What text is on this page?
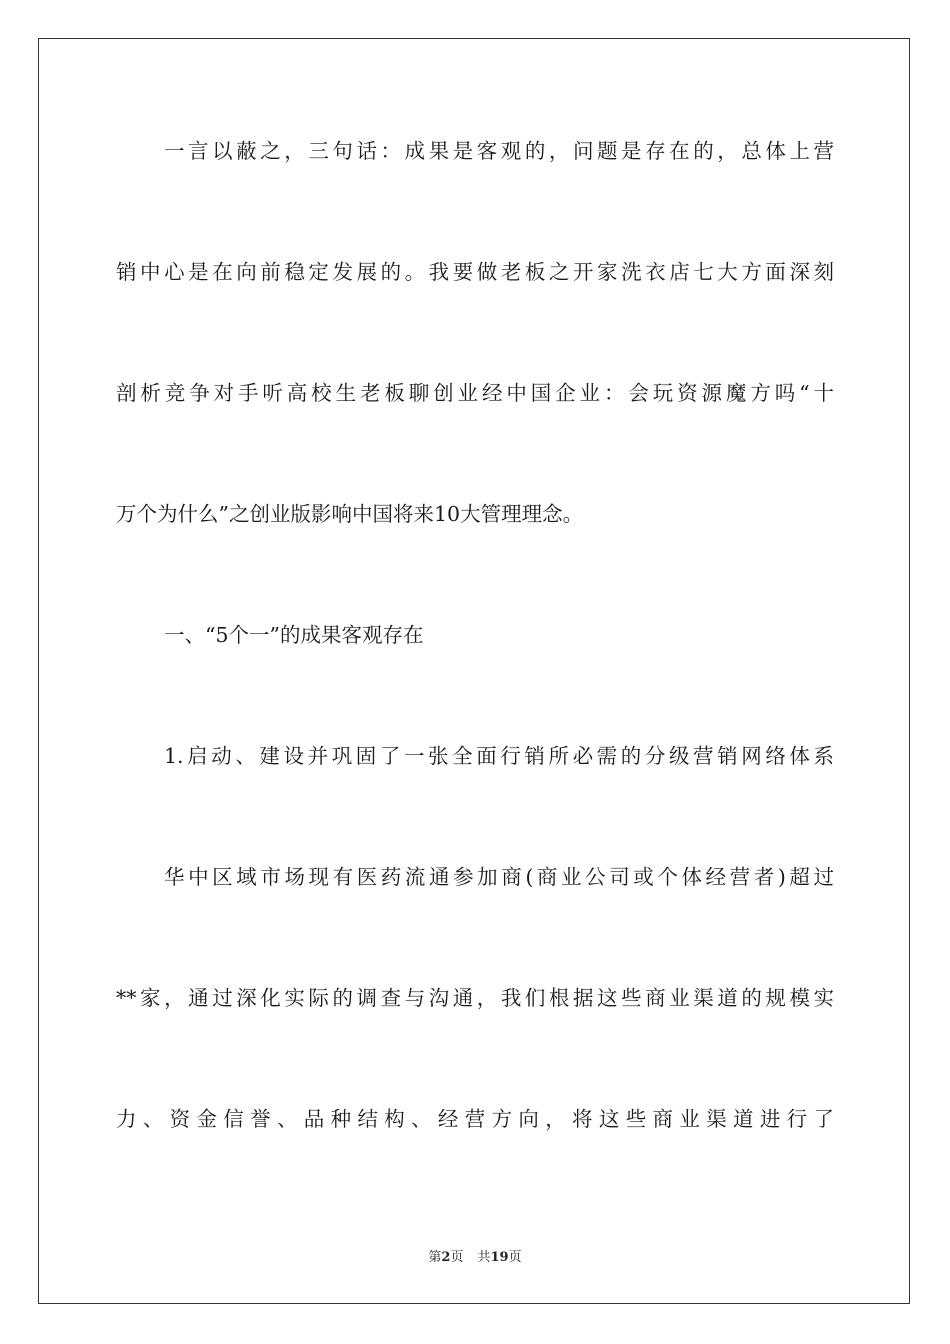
一言以蔽之，三句话：成果是客观的，问题是存在的，总体上营
销中心是在向前稳定发展的。我要做老板之开家洗衣店七大方面深刻
剖析竞争对手听高校生老板聊创业经中国企业：会玩资源魔方吗“十
万个为什么”之创业版影响中国将来10大管理理念。
一、“5个一”的成果客观存在
1.启动、建设并巩固了一张全面行销所必需的分级营销网络体系
华中区域市场现有医药流通参加商(商业公司或个体经营者)超过
**家，通过深化实际的调查与沟通，我们根据这些商业渠道的规模实
力、资金信誉、品种结构、经营方向，将这些商业渠道进行了
第2页 共19页
